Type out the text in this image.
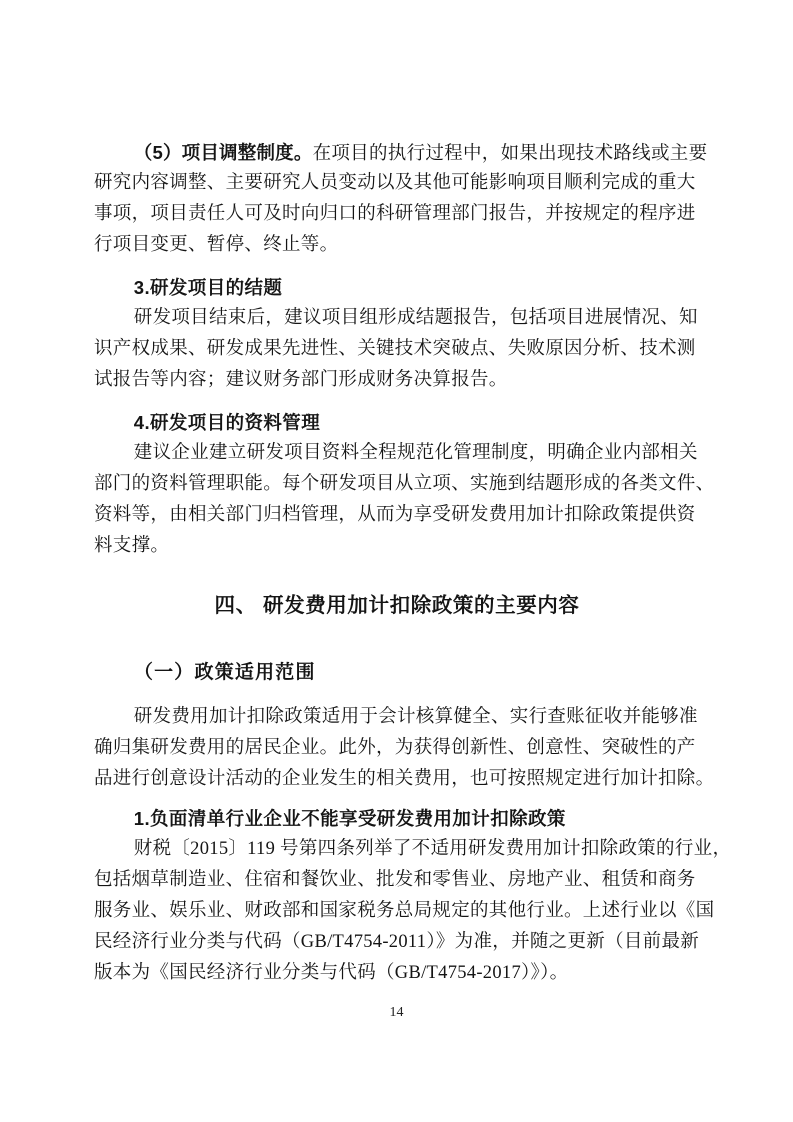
（5）项目调整制度。在项目的执行过程中，如果出现技术路线或主要
研究内容调整、主要研究人员变动以及其他可能影响项目顺利完成的重大
事项，项目责任人可及时向归口的科研管理部门报告，并按规定的程序进
行项目变更、暂停、终止等。
3.研发项目的结题
研发项目结束后，建议项目组形成结题报告，包括项目进展情况、知
识产权成果、研发成果先进性、关键技术突破点、失败原因分析、技术测
试报告等内容；建议财务部门形成财务决算报告。
4.研发项目的资料管理
建议企业建立研发项目资料全程规范化管理制度，明确企业内部相关
部门的资料管理职能。每个研发项目从立项、实施到结题形成的各类文件、
资料等，由相关部门归档管理，从而为享受研发费用加计扣除政策提供资
料支撑。
四、 研发费用加计扣除政策的主要内容
（一）政策适用范围
研发费用加计扣除政策适用于会计核算健全、实行查账征收并能够准
确归集研发费用的居民企业。此外，为获得创新性、创意性、突破性的产
品进行创意设计活动的企业发生的相关费用，也可按照规定进行加计扣除。
1.负面清单行业企业不能享受研发费用加计扣除政策
财税〔2015〕119 号第四条列举了不适用研发费用加计扣除政策的行业，
包括烟草制造业、住宿和餐饮业、批发和零售业、房地产业、租赁和商务
服务业、娱乐业、财政部和国家税务总局规定的其他行业。上述行业以《国
民经济行业分类与代码（GB/T4754-2011）》为准，并随之更新（目前最新
版本为《国民经济行业分类与代码（GB/T4754-2017）》）。
14
